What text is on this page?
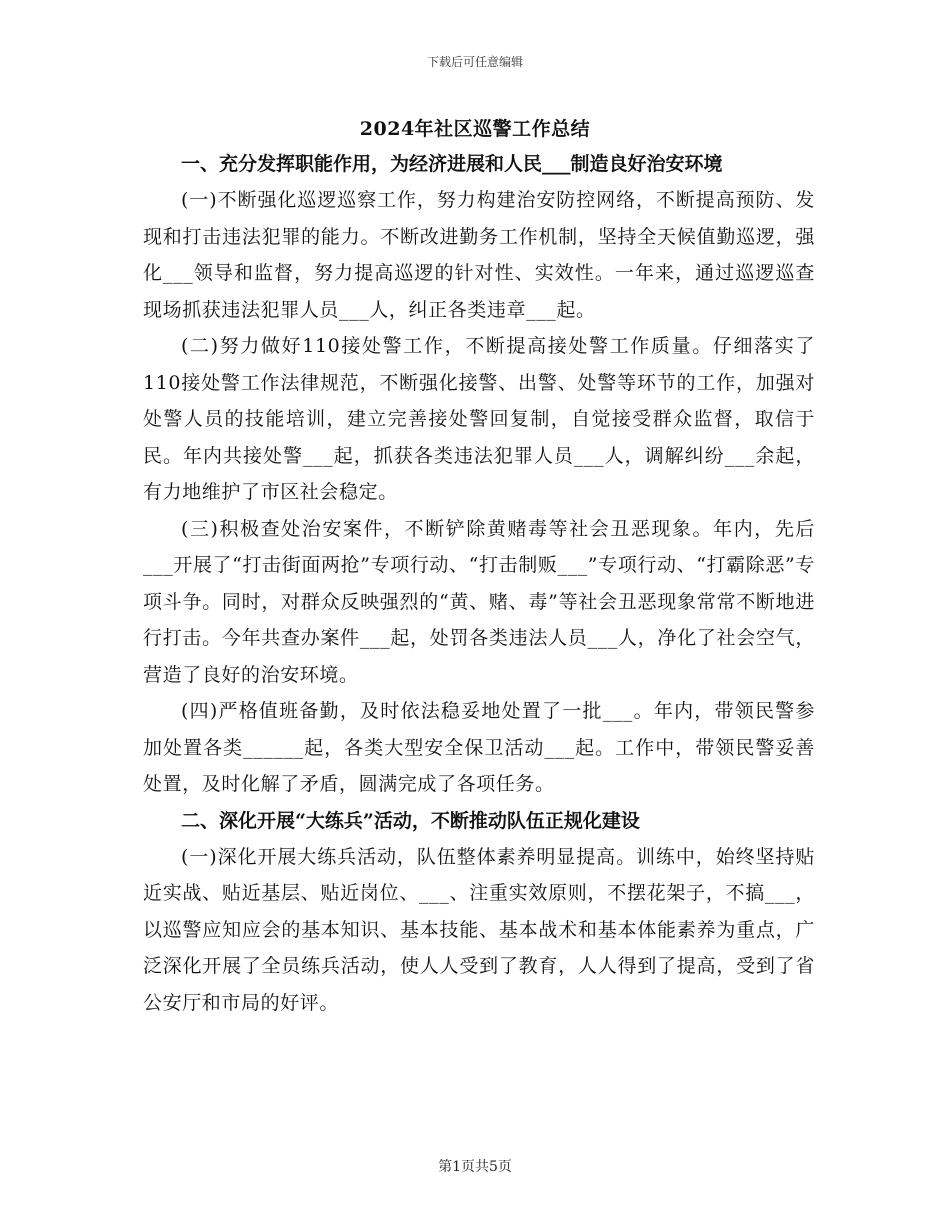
下载后可任意编辑
2024年社区巡警工作总结

一、充分发挥职能作用，为经济进展和人民___制造良好治安环境

(一)不断强化巡逻巡察工作，努力构建治安防控网络，不断提高预防、发现和打击违法犯罪的能力。不断改进勤务工作机制，坚持全天候值勤巡逻，强化___领导和监督，努力提高巡逻的针对性、实效性。一年来，通过巡逻巡查现场抓获违法犯罪人员___人，纠正各类违章___起。

(二)努力做好110接处警工作，不断提高接处警工作质量。仔细落实了110接处警工作法律规范，不断强化接警、出警、处警等环节的工作，加强对处警人员的技能培训，建立完善接处警回复制，自觉接受群众监督，取信于民。年内共接处警___起，抓获各类违法犯罪人员___人，调解纠纷___余起，有力地维护了市区社会稳定。

(三)积极查处治安案件，不断铲除黄赌毒等社会丑恶现象。年内，先后___开展了“打击街面两抢”专项行动、“打击制贩___”专项行动、“打霸除恶”专项斗争。同时，对群众反映强烈的“黄、赌、毒”等社会丑恶现象常常不断地进行打击。今年共查办案件___起，处罚各类违法人员___人，净化了社会空气，营造了良好的治安环境。

(四)严格值班备勤，及时依法稳妥地处置了一批___。年内，带领民警参加处置各类______起，各类大型安全保卫活动___起。工作中，带领民警妥善处置，及时化解了矛盾，圆满完成了各项任务。

二、深化开展“大练兵”活动，不断推动队伍正规化建设

(一)深化开展大练兵活动，队伍整体素养明显提高。训练中，始终坚持贴近实战、贴近基层、贴近岗位、___、注重实效原则，不摆花架子，不搞___，以巡警应知应会的基本知识、基本技能、基本战术和基本体能素养为重点，广泛深化开展了全员练兵活动，使人人受到了教育，人人得到了提高，受到了省公安厅和市局的好评。

第1页共5页
